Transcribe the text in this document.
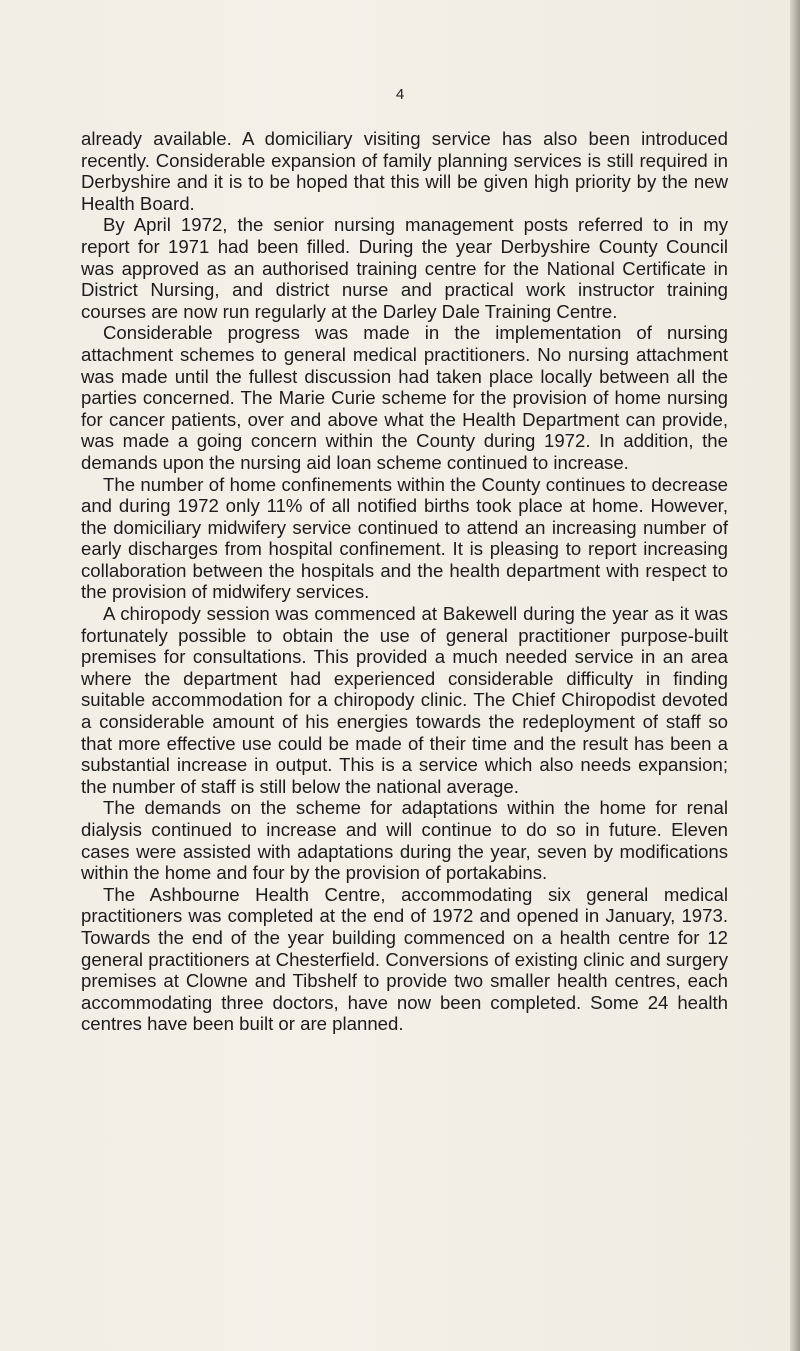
4

already available. A domiciliary visiting service has also been introduced recently. Considerable expansion of family planning services is still required in Derbyshire and it is to be hoped that this will be given high priority by the new Health Board.

By April 1972, the senior nursing management posts referred to in my report for 1971 had been filled. During the year Derbyshire County Council was approved as an authorised training centre for the National Certificate in District Nursing, and district nurse and practical work instructor training courses are now run regularly at the Darley Dale Training Centre.

Considerable progress was made in the implementation of nursing attachment schemes to general medical practitioners. No nursing attachment was made until the fullest discussion had taken place locally between all the parties concerned. The Marie Curie scheme for the provision of home nursing for cancer patients, over and above what the Health Department can provide, was made a going concern within the County during 1972. In addition, the demands upon the nursing aid loan scheme continued to increase.

The number of home confinements within the County continues to decrease and during 1972 only 11% of all notified births took place at home. However, the domiciliary midwifery service continued to attend an increasing number of early discharges from hospital confinement. It is pleasing to report increasing collaboration between the hospitals and the health department with respect to the provision of midwifery services.

A chiropody session was commenced at Bakewell during the year as it was fortunately possible to obtain the use of general practitioner purpose-built premises for consultations. This provided a much needed service in an area where the department had experienced considerable difficulty in finding suitable accommodation for a chiropody clinic. The Chief Chiropodist devoted a considerable amount of his energies towards the redeployment of staff so that more effective use could be made of their time and the result has been a substantial increase in output. This is a service which also needs expansion; the number of staff is still below the national average.

The demands on the scheme for adaptations within the home for renal dialysis continued to increase and will continue to do so in future. Eleven cases were assisted with adaptations during the year, seven by modifications within the home and four by the provision of portakabins.

The Ashbourne Health Centre, accommodating six general medical practitioners was completed at the end of 1972 and opened in January, 1973. Towards the end of the year building commenced on a health centre for 12 general practitioners at Chesterfield. Conversions of existing clinic and surgery premises at Clowne and Tibshelf to provide two smaller health centres, each accommodating three doctors, have now been completed. Some 24 health centres have been built or are planned.
